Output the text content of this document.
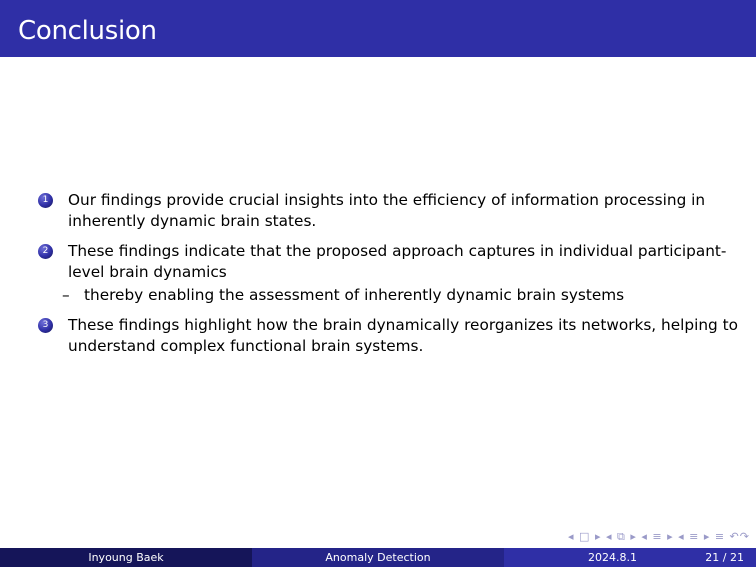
Conclusion
1	Our findings provide crucial insights into the efficiency of information processing in inherently dynamic brain states.
2	These findings indicate that the proposed approach captures in individual participant-level brain dynamics
– thereby enabling the assessment of inherently dynamic brain systems
3	These findings highlight how the brain dynamically reorganizes its networks, helping to understand complex functional brain systems.
◂ □ ▸ ◂ ⧉ ▸ ◂ ≡ ▸ ◂ ≡ ▸ ≡ ↶↷
Inyoung Baek	Anomaly Detection	2024.8.1	21 / 21
